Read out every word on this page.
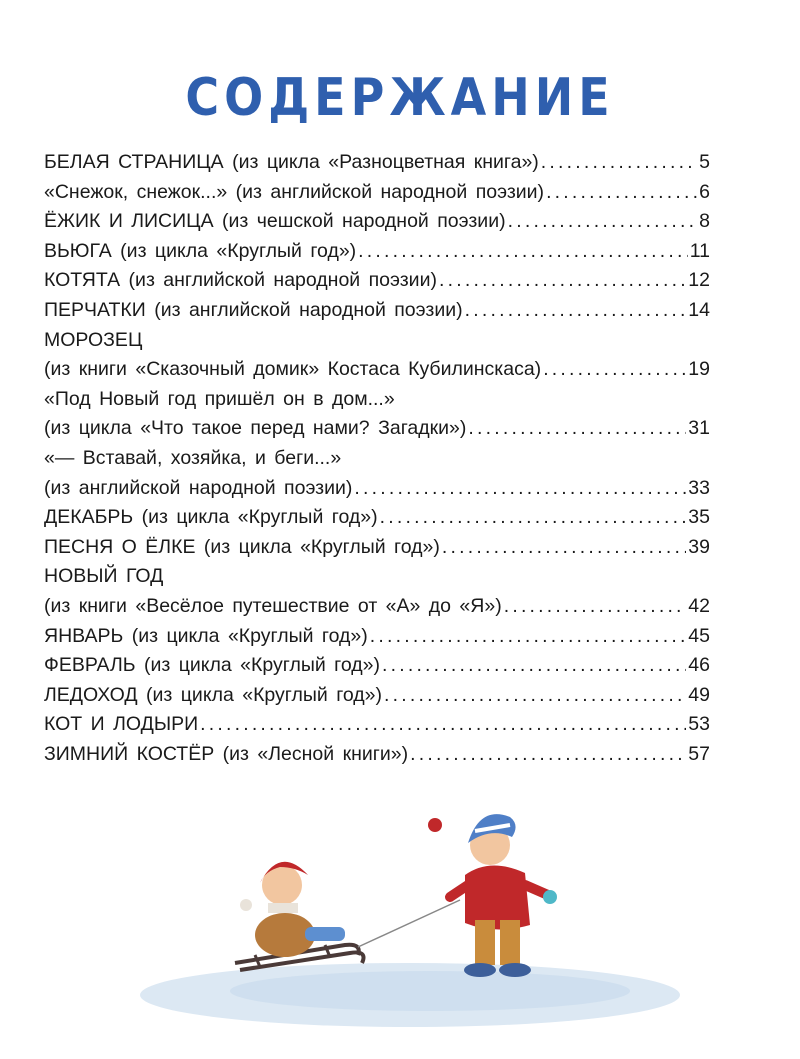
СОДЕРЖАНИЕ
БЕЛАЯ СТРАНИЦА (из цикла «Разноцветная книга») .....	5
«Снежок, снежок...» (из английской народной поэзии) .....	6
ЁЖИК И ЛИСИЦА (из чешской народной поэзии) .....	8
ВЬЮГА (из цикла «Круглый год») .....	11
КОТЯТА (из английской народной поэзии) .....	12
ПЕРЧАТКИ (из английской народной поэзии) .....	14
МОРОЗЕЦ
(из книги «Сказочный домик» Костаса Кубилинскаса) .....	19
«Под Новый год пришёл он в дом...»
(из цикла «Что такое перед нами? Загадки») .....	31
«— Вставай, хозяйка, и беги...»
(из английской народной поэзии) .....	33
ДЕКАБРЬ (из цикла «Круглый год») .....	35
ПЕСНЯ О ЁЛКЕ (из цикла «Круглый год») .....	39
НОВЫЙ ГОД
(из книги «Весёлое путешествие от «А» до «Я») .....	42
ЯНВАРЬ (из цикла «Круглый год») .....	45
ФЕВРАЛЬ (из цикла «Круглый год») .....	46
ЛЕДОХОД (из цикла «Круглый год») .....	49
КОТ И ЛОДЫРИ .....	53
ЗИМНИЙ КОСТЁР (из «Лесной книги») .....	57
